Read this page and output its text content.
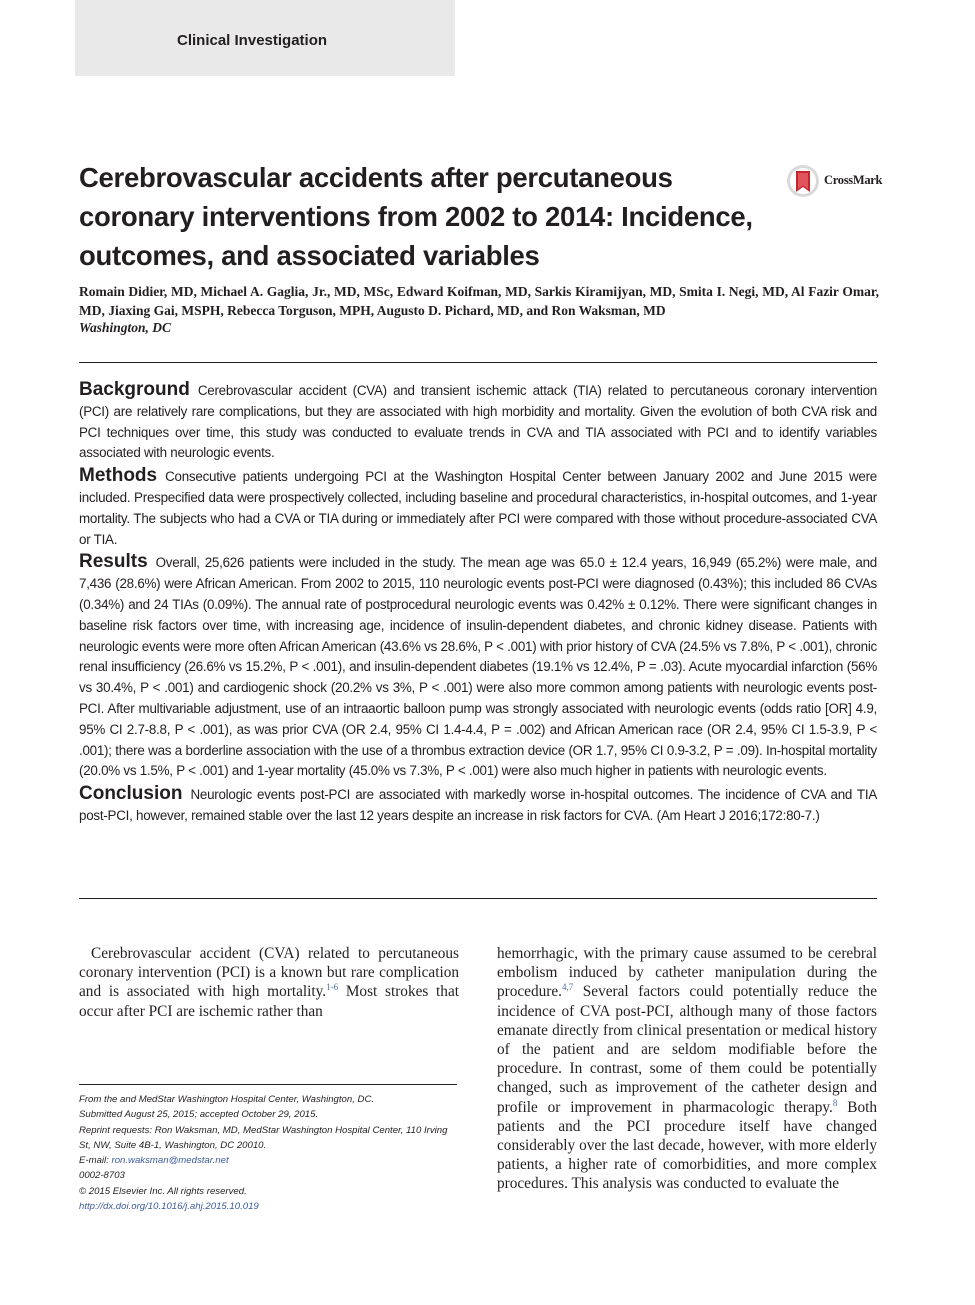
Clinical Investigation
Cerebrovascular accidents after percutaneous coronary interventions from 2002 to 2014: Incidence, outcomes, and associated variables
CrossMark
Romain Didier, MD, Michael A. Gaglia, Jr., MD, MSc, Edward Koifman, MD, Sarkis Kiramijyan, MD, Smita I. Negi, MD, Al Fazir Omar, MD, Jiaxing Gai, MSPH, Rebecca Torguson, MPH, Augusto D. Pichard, MD, and Ron Waksman, MD
Washington, DC

Background Cerebrovascular accident (CVA) and transient ischemic attack (TIA) related to percutaneous coronary intervention (PCI) are relatively rare complications, but they are associated with high morbidity and mortality. Given the evolution of both CVA risk and PCI techniques over time, this study was conducted to evaluate trends in CVA and TIA associated with PCI and to identify variables associated with neurologic events.

Methods Consecutive patients undergoing PCI at the Washington Hospital Center between January 2002 and June 2015 were included. Prespecified data were prospectively collected, including baseline and procedural characteristics, in-hospital outcomes, and 1-year mortality. The subjects who had a CVA or TIA during or immediately after PCI were compared with those without procedure-associated CVA or TIA.

Results Overall, 25,626 patients were included in the study. The mean age was 65.0 ± 12.4 years, 16,949 (65.2%) were male, and 7,436 (28.6%) were African American. From 2002 to 2015, 110 neurologic events post-PCI were diagnosed (0.43%); this included 86 CVAs (0.34%) and 24 TIAs (0.09%). The annual rate of postprocedural neurologic events was 0.42% ± 0.12%. There were significant changes in baseline risk factors over time, with increasing age, incidence of insulin-dependent diabetes, and chronic kidney disease. Patients with neurologic events were more often African American (43.6% vs 28.6%, P < .001) with prior history of CVA (24.5% vs 7.8%, P < .001), chronic renal insufficiency (26.6% vs 15.2%, P < .001), and insulin-dependent diabetes (19.1% vs 12.4%, P = .03). Acute myocardial infarction (56% vs 30.4%, P < .001) and cardiogenic shock (20.2% vs 3%, P < .001) were also more common among patients with neurologic events post-PCI. After multivariable adjustment, use of an intraaortic balloon pump was strongly associated with neurologic events (odds ratio [OR] 4.9, 95% CI 2.7-8.8, P < .001), as was prior CVA (OR 2.4, 95% CI 1.4-4.4, P = .002) and African American race (OR 2.4, 95% CI 1.5-3.9, P < .001); there was a borderline association with the use of a thrombus extraction device (OR 1.7, 95% CI 0.9-3.2, P = .09). In-hospital mortality (20.0% vs 1.5%, P < .001) and 1-year mortality (45.0% vs 7.3%, P < .001) were also much higher in patients with neurologic events.

Conclusion Neurologic events post-PCI are associated with markedly worse in-hospital outcomes. The incidence of CVA and TIA post-PCI, however, remained stable over the last 12 years despite an increase in risk factors for CVA. (Am Heart J 2016;172:80-7.)

Cerebrovascular accident (CVA) related to percutaneous coronary intervention (PCI) is a known but rare complication and is associated with high mortality.$^{1-6}$ Most strokes that occur after PCI are ischemic rather than

hemorrhagic, with the primary cause assumed to be cerebral embolism induced by catheter manipulation during the procedure.$^{4,7}$ Several factors could potentially reduce the incidence of CVA post-PCI, although many of those factors emanate directly from clinical presentation or medical history of the patient and are seldom modifiable before the procedure. In contrast, some of them could be potentially changed, such as improvement of the catheter design and profile or improvement in pharmacologic therapy.$^8$ Both patients and the PCI procedure itself have changed considerably over the last decade, however, with more elderly patients, a higher rate of comorbidities, and more complex procedures. This analysis was conducted to evaluate the

From the and MedStar Washington Hospital Center, Washington, DC.
Submitted August 25, 2015; accepted October 29, 2015.
Reprint requests: Ron Waksman, MD, MedStar Washington Hospital Center, 110 Irving St, NW, Suite 4B-1, Washington, DC 20010.
E-mail: ron.waksman@medstar.net
0002-8703
© 2015 Elsevier Inc. All rights reserved.
http://dx.doi.org/10.1016/j.ahj.2015.10.019
